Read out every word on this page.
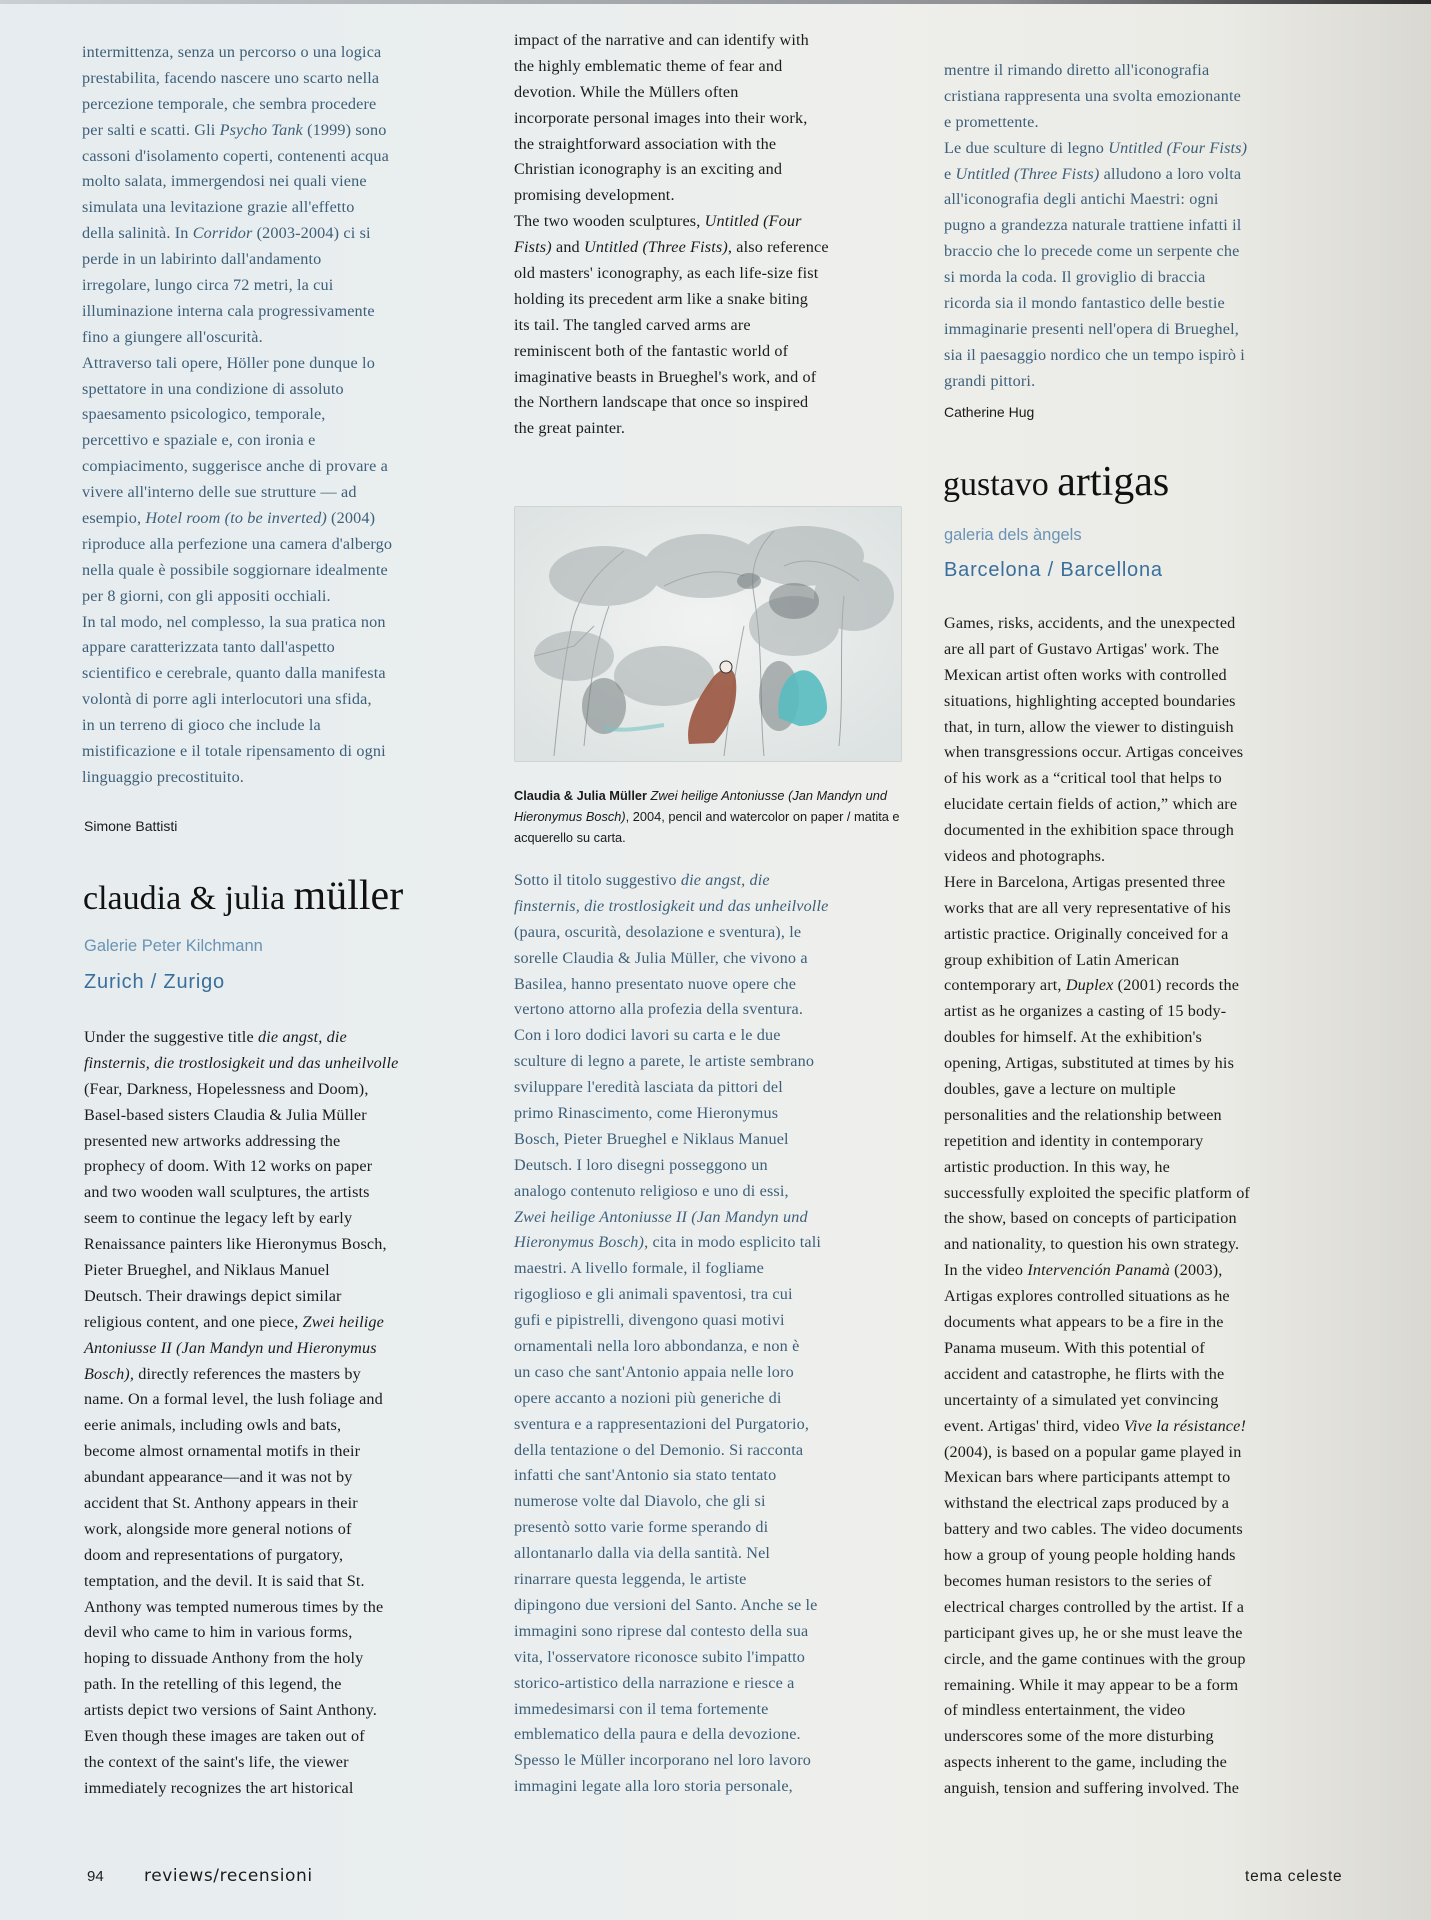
intermittenza, senza un percorso o una logica
prestabilita, facendo nascere uno scarto nella
percezione temporale, che sembra procedere
per salti e scatti. Gli Psycho Tank (1999) sono
cassoni d'isolamento coperti, contenenti acqua
molto salata, immergendosi nei quali viene
simulata una levitazione grazie all'effetto
della salinità. In Corridor (2003-2004) ci si
perde in un labirinto dall'andamento
irregolare, lungo circa 72 metri, la cui
illuminazione interna cala progressivamente
fino a giungere all'oscurità.
Attraverso tali opere, Höller pone dunque lo
spettatore in una condizione di assoluto
spaesamento psicologico, temporale,
percettivo e spaziale e, con ironia e
compiacimento, suggerisce anche di provare a
vivere all'interno delle sue strutture — ad
esempio, Hotel room (to be inverted) (2004)
riproduce alla perfezione una camera d'albergo
nella quale è possibile soggiornare idealmente
per 8 giorni, con gli appositi occhiali.
In tal modo, nel complesso, la sua pratica non
appare caratterizzata tanto dall'aspetto
scientifico e cerebrale, quanto dalla manifesta
volontà di porre agli interlocutori una sfida,
in un terreno di gioco che include la
mistificazione e il totale ripensamento di ogni
linguaggio precostituito.
Simone Battisti
claudia & julia müller
Galerie Peter Kilchmann
Zurich / Zurigo
Under the suggestive title die angst, die
finsternis, die trostlosigkeit und das unheilvolle
(Fear, Darkness, Hopelessness and Doom),
Basel-based sisters Claudia & Julia Müller
presented new artworks addressing the
prophecy of doom. With 12 works on paper
and two wooden wall sculptures, the artists
seem to continue the legacy left by early
Renaissance painters like Hieronymus Bosch,
Pieter Brueghel, and Niklaus Manuel
Deutsch. Their drawings depict similar
religious content, and one piece, Zwei heilige
Antoniusse II (Jan Mandyn und Hieronymus
Bosch), directly references the masters by
name. On a formal level, the lush foliage and
eerie animals, including owls and bats,
become almost ornamental motifs in their
abundant appearance—and it was not by
accident that St. Anthony appears in their
work, alongside more general notions of
doom and representations of purgatory,
temptation, and the devil. It is said that St.
Anthony was tempted numerous times by the
devil who came to him in various forms,
hoping to dissuade Anthony from the holy
path. In the retelling of this legend, the
artists depict two versions of Saint Anthony.
Even though these images are taken out of
the context of the saint's life, the viewer
immediately recognizes the art historical
impact of the narrative and can identify with
the highly emblematic theme of fear and
devotion. While the Müllers often
incorporate personal images into their work,
the straightforward association with the
Christian iconography is an exciting and
promising development.
The two wooden sculptures, Untitled (Four
Fists) and Untitled (Three Fists), also reference
old masters' iconography, as each life-size fist
holding its precedent arm like a snake biting
its tail. The tangled carved arms are
reminiscent both of the fantastic world of
imaginative beasts in Brueghel's work, and of
the Northern landscape that once so inspired
the great painter.
Claudia & Julia Müller Zwei heilige Antoniusse (Jan Mandyn und Hieronymus Bosch), 2004, pencil and watercolor on paper / matita e acquerello su carta.
Sotto il titolo suggestivo die angst, die
finsternis, die trostlosigkeit und das unheilvolle
(paura, oscurità, desolazione e sventura), le
sorelle Claudia & Julia Müller, che vivono a
Basilea, hanno presentato nuove opere che
vertono attorno alla profezia della sventura.
Con i loro dodici lavori su carta e le due
sculture di legno a parete, le artiste sembrano
sviluppare l'eredità lasciata da pittori del
primo Rinascimento, come Hieronymus
Bosch, Pieter Brueghel e Niklaus Manuel
Deutsch. I loro disegni posseggono un
analogo contenuto religioso e uno di essi,
Zwei heilige Antoniusse II (Jan Mandyn und
Hieronymus Bosch), cita in modo esplicito tali
maestri. A livello formale, il fogliame
rigoglioso e gli animali spaventosi, tra cui
gufi e pipistrelli, divengono quasi motivi
ornamentali nella loro abbondanza, e non è
un caso che sant'Antonio appaia nelle loro
opere accanto a nozioni più generiche di
sventura e a rappresentazioni del Purgatorio,
della tentazione o del Demonio. Si racconta
infatti che sant'Antonio sia stato tentato
numerose volte dal Diavolo, che gli si
presentò sotto varie forme sperando di
allontanarlo dalla via della santità. Nel
rinarrare questa leggenda, le artiste
dipingono due versioni del Santo. Anche se le
immagini sono riprese dal contesto della sua
vita, l'osservatore riconosce subito l'impatto
storico-artistico della narrazione e riesce a
immedesimarsi con il tema fortemente
emblematico della paura e della devozione.
Spesso le Müller incorporano nel loro lavoro
immagini legate alla loro storia personale,
mentre il rimando diretto all'iconografia
cristiana rappresenta una svolta emozionante
e promettente.
Le due sculture di legno Untitled (Four Fists)
e Untitled (Three Fists) alludono a loro volta
all'iconografia degli antichi Maestri: ogni
pugno a grandezza naturale trattiene infatti il
braccio che lo precede come un serpente che
si morda la coda. Il groviglio di braccia
ricorda sia il mondo fantastico delle bestie
immaginarie presenti nell'opera di Brueghel,
sia il paesaggio nordico che un tempo ispirò i
grandi pittori.
Catherine Hug
gustavo artigas
galeria dels àngels
Barcelona / Barcellona
Games, risks, accidents, and the unexpected
are all part of Gustavo Artigas' work. The
Mexican artist often works with controlled
situations, highlighting accepted boundaries
that, in turn, allow the viewer to distinguish
when transgressions occur. Artigas conceives
of his work as a “critical tool that helps to
elucidate certain fields of action,” which are
documented in the exhibition space through
videos and photographs.
Here in Barcelona, Artigas presented three
works that are all very representative of his
artistic practice. Originally conceived for a
group exhibition of Latin American
contemporary art, Duplex (2001) records the
artist as he organizes a casting of 15 body-
doubles for himself. At the exhibition's
opening, Artigas, substituted at times by his
doubles, gave a lecture on multiple
personalities and the relationship between
repetition and identity in contemporary
artistic production. In this way, he
successfully exploited the specific platform of
the show, based on concepts of participation
and nationality, to question his own strategy.
In the video Intervención Panamà (2003),
Artigas explores controlled situations as he
documents what appears to be a fire in the
Panama museum. With this potential of
accident and catastrophe, he flirts with the
uncertainty of a simulated yet convincing
event. Artigas' third, video Vive la résistance!
(2004), is based on a popular game played in
Mexican bars where participants attempt to
withstand the electrical zaps produced by a
battery and two cables. The video documents
how a group of young people holding hands
becomes human resistors to the series of
electrical charges controlled by the artist. If a
participant gives up, he or she must leave the
circle, and the game continues with the group
remaining. While it may appear to be a form
of mindless entertainment, the video
underscores some of the more disturbing
aspects inherent to the game, including the
anguish, tension and suffering involved. The
94 reviews/recensioni	tema celeste
